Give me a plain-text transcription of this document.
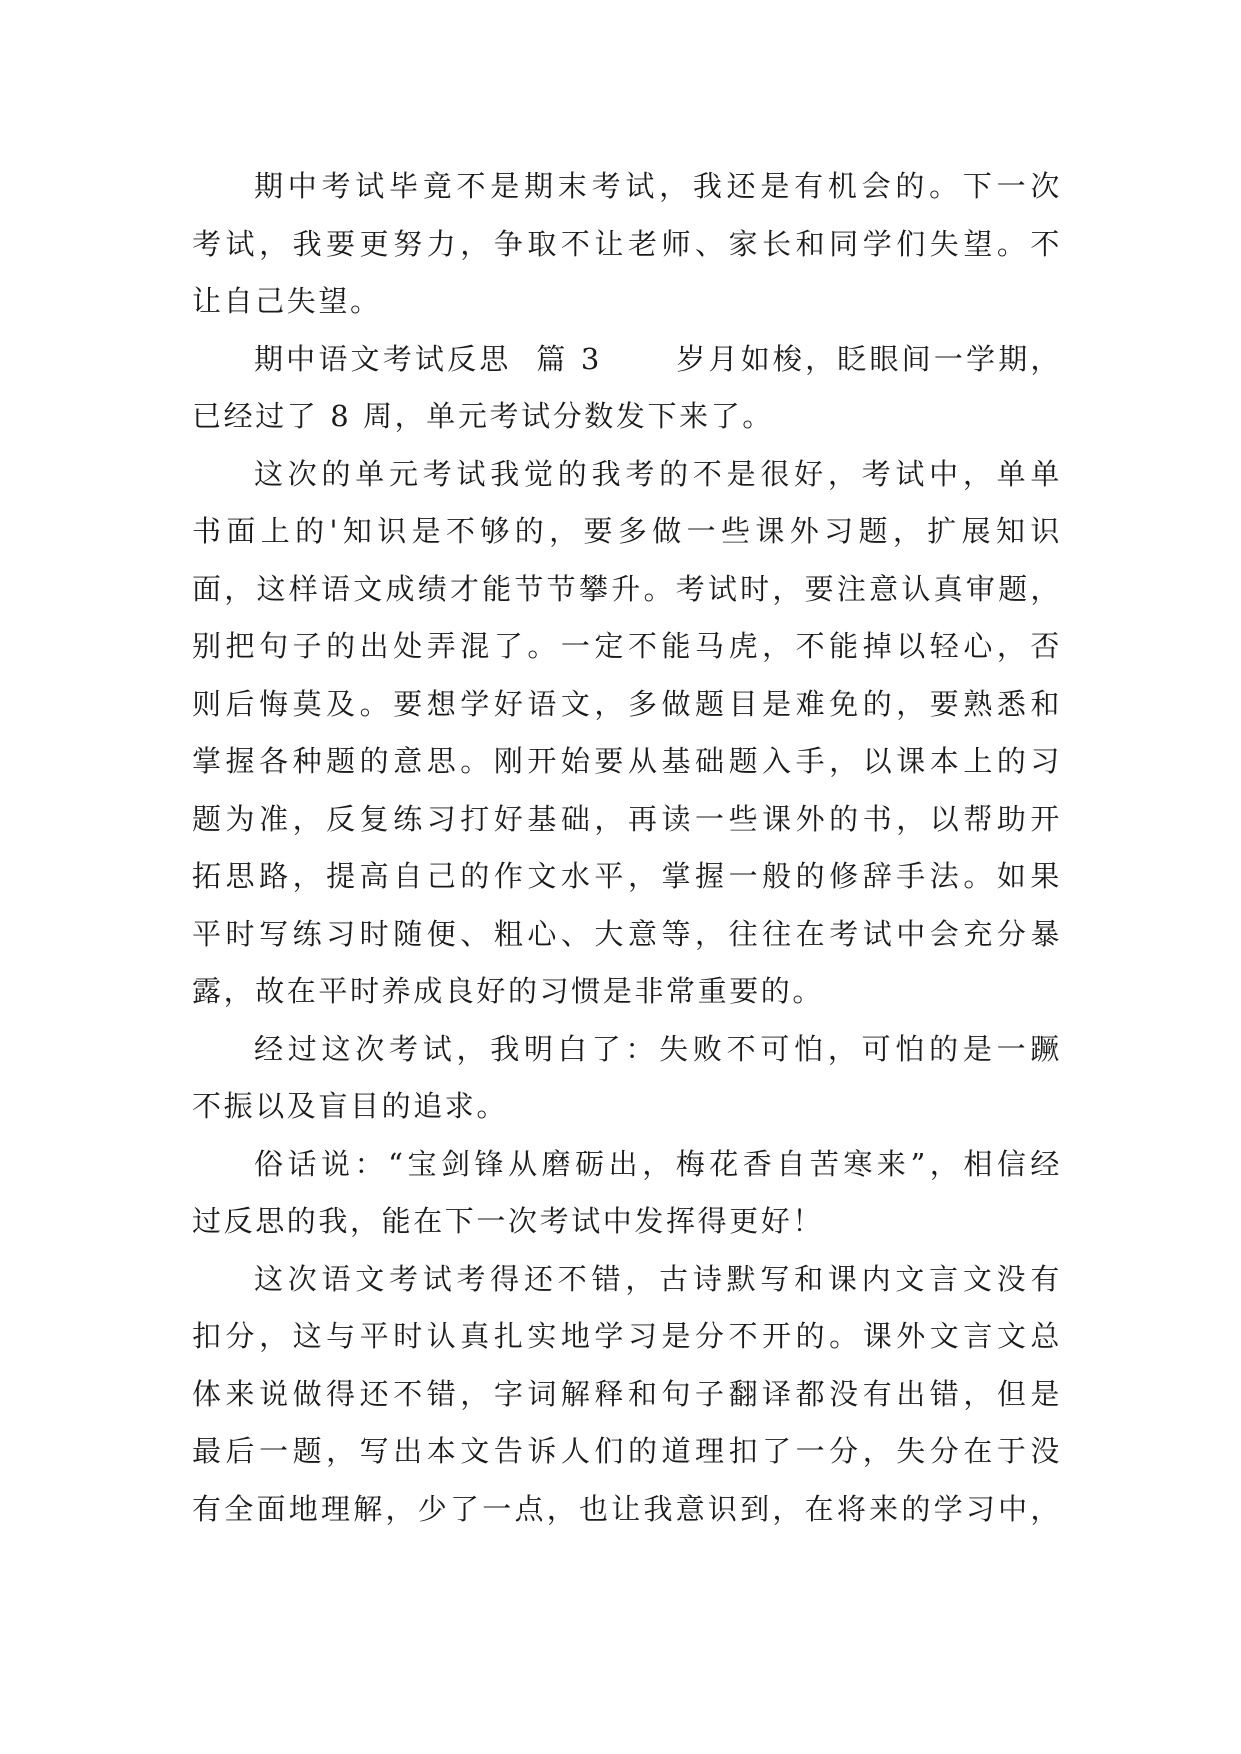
期中考试毕竟不是期末考试，我还是有机会的。下一次
考试，我要更努力，争取不让老师、家长和同学们失望。不
让自己失望。
期中语文考试反思  篇 3      岁月如梭，眨眼间一学期，
已经过了 8 周，单元考试分数发下来了。
这次的单元考试我觉的我考的不是很好，考试中，单单
书面上的'知识是不够的，要多做一些课外习题，扩展知识
面，这样语文成绩才能节节攀升。考试时，要注意认真审题，
别把句子的出处弄混了。一定不能马虎，不能掉以轻心，否
则后悔莫及。要想学好语文，多做题目是难免的，要熟悉和
掌握各种题的意思。刚开始要从基础题入手，以课本上的习
题为准，反复练习打好基础，再读一些课外的书，以帮助开
拓思路，提高自己的作文水平，掌握一般的修辞手法。如果
平时写练习时随便、粗心、大意等，往往在考试中会充分暴
露，故在平时养成良好的习惯是非常重要的。
经过这次考试，我明白了：失败不可怕，可怕的是一蹶
不振以及盲目的追求。
俗话说：“宝剑锋从磨砺出，梅花香自苦寒来”，相信经
过反思的我，能在下一次考试中发挥得更好！
这次语文考试考得还不错，古诗默写和课内文言文没有
扣分，这与平时认真扎实地学习是分不开的。课外文言文总
体来说做得还不错，字词解释和句子翻译都没有出错，但是
最后一题，写出本文告诉人们的道理扣了一分，失分在于没
有全面地理解，少了一点，也让我意识到，在将来的学习中，
